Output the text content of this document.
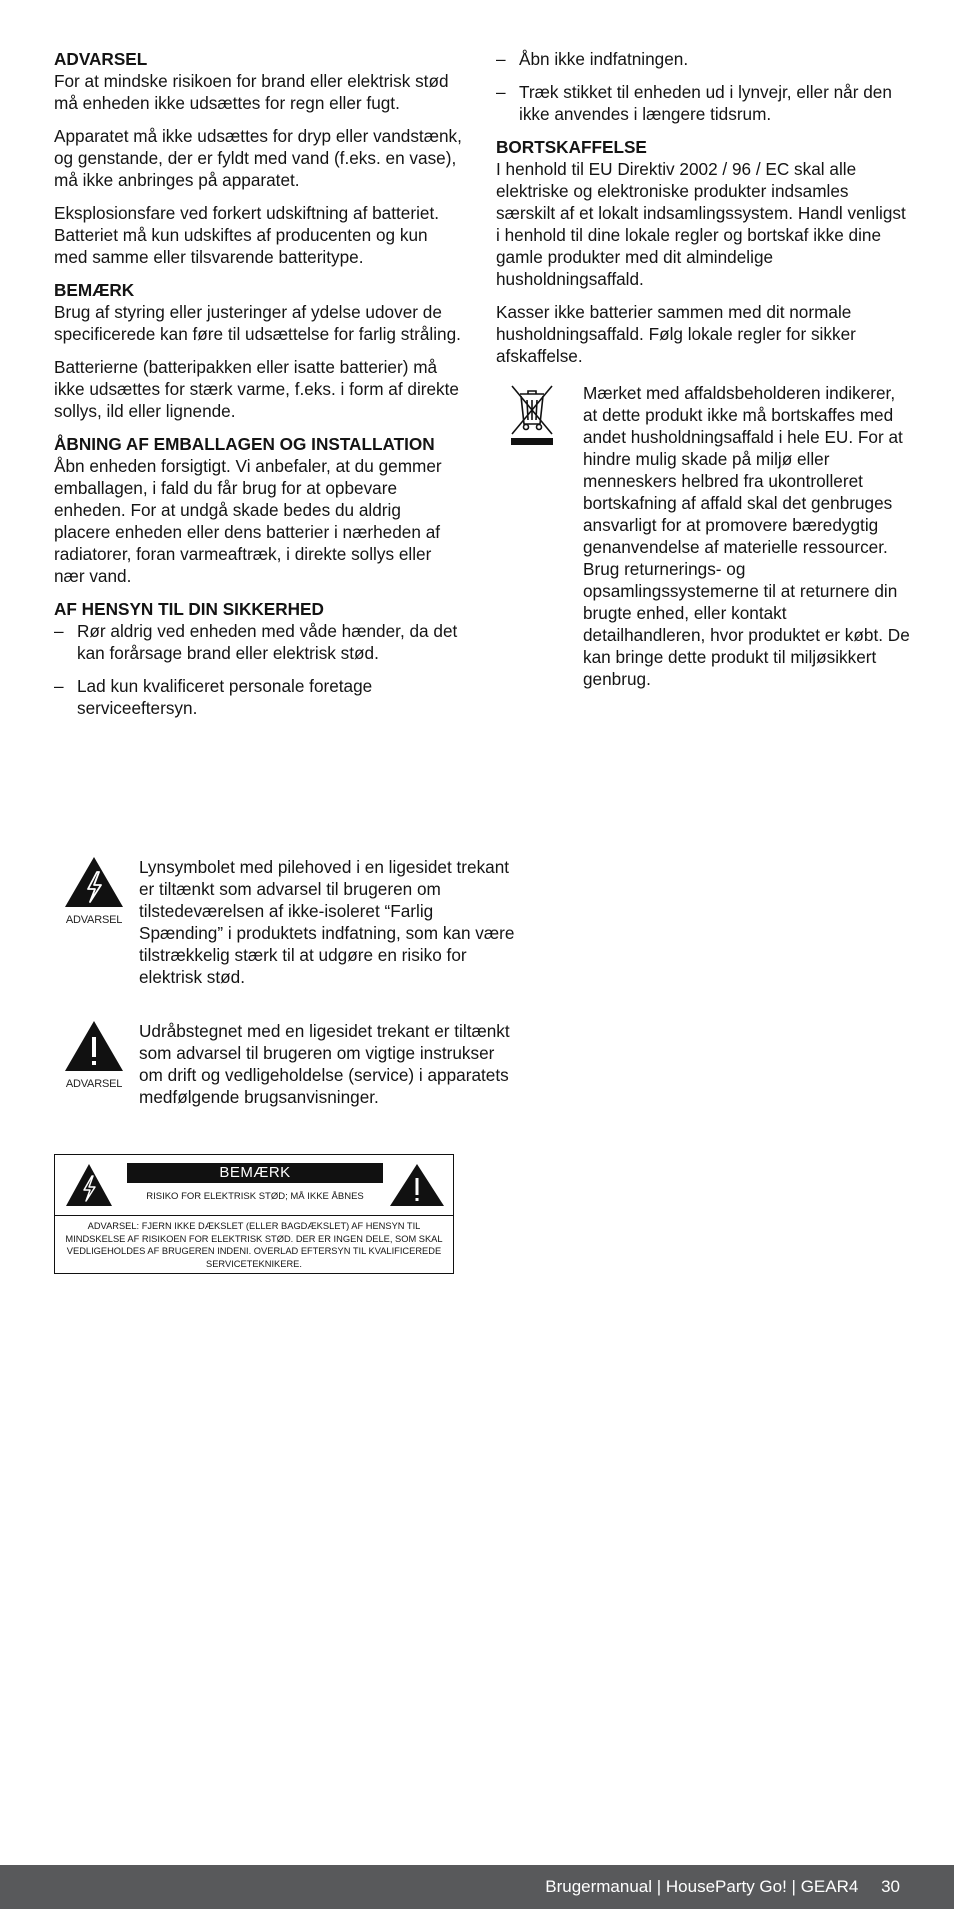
ADVARSEL

For at mindske risikoen for brand eller elektrisk stød må enheden ikke udsættes for regn eller fugt.

Apparatet må ikke udsættes for dryp eller vandstænk, og genstande, der er fyldt med vand (f.eks. en vase), må ikke anbringes på apparatet.

Eksplosionsfare ved forkert udskiftning af batteriet. Batteriet må kun udskiftes af producenten og kun med samme eller tilsvarende batteritype.

BEMÆRK

Brug af styring eller justeringer af ydelse udover de specificerede kan føre til udsættelse for farlig stråling.

Batterierne (batteripakken eller isatte batterier) må ikke udsættes for stærk varme, f.eks. i form af direkte sollys, ild eller lignende.

ÅBNING AF EMBALLAGEN OG INSTALLATION

Åbn enheden forsigtigt. Vi anbefaler, at du gemmer emballagen, i fald du får brug for at opbevare enheden. For at undgå skade bedes du aldrig placere enheden eller dens batterier i nærheden af radiatorer, foran varmeaftræk, i direkte sollys eller nær vand.

AF HENSYN TIL DIN SIKKERHED

– Rør aldrig ved enheden med våde hænder, da det kan forårsage brand eller elektrisk stød.

– Lad kun kvalificeret personale foretage serviceeftersyn.

– Åbn ikke indfatningen.

– Træk stikket til enheden ud i lynvejr, eller når den ikke anvendes i længere tidsrum.

BORTSKAFFELSE

I henhold til EU Direktiv 2002 / 96 / EC skal alle elektriske og elektroniske produkter indsamles særskilt af et lokalt indsamlingssystem. Handl venligst i henhold til dine lokale regler og bortskaf ikke dine gamle produkter med dit almindelige husholdningsaffald.

Kasser ikke batterier sammen med dit normale husholdningsaffald. Følg lokale regler for sikker afskaffelse.

Mærket med affaldsbeholderen indikerer, at dette produkt ikke må bortskaffes med andet husholdningsaffald i hele EU. For at hindre mulig skade på miljø eller menneskers helbred fra ukontrolleret bortskafning af affald skal det genbruges ansvarligt for at promovere bæredygtig genanvendelse af materielle ressourcer. Brug returnerings- og opsamlingssystemerne til at returnere din brugte enhed, eller kontakt detailhandleren, hvor produktet er købt. De kan bringe dette produkt til miljøsikkert genbrug.
ADVARSEL
Lynsymbolet med pilehoved i en ligesidet trekant er tiltænkt som advarsel til brugeren om tilstedeværelsen af ikke-isoleret “Farlig Spænding” i produktets indfatning, som kan være tilstrækkelig stærk til at udgøre en risiko for elektrisk stød.
ADVARSEL
Udråbstegnet med en ligesidet trekant er tiltænkt som advarsel til brugeren om vigtige instrukser om drift og vedligeholdelse (service) i apparatets medfølgende brugsanvisninger.
BEMÆRK
RISIKO FOR ELEKTRISK STØD; MÅ IKKE ÅBNES
ADVARSEL: FJERN IKKE DÆKSLET (ELLER BAGDÆKSLET) AF HENSYN TIL MINDSKELSE AF RISIKOEN FOR ELEKTRISK STØD. DER ER INGEN DELE, SOM SKAL VEDLIGEHOLDES AF BRUGEREN INDENI. OVERLAD EFTERSYN TIL KVALIFICEREDE SERVICETEKNIKERE.
Brugermanual | HouseParty Go! | GEAR4 30
